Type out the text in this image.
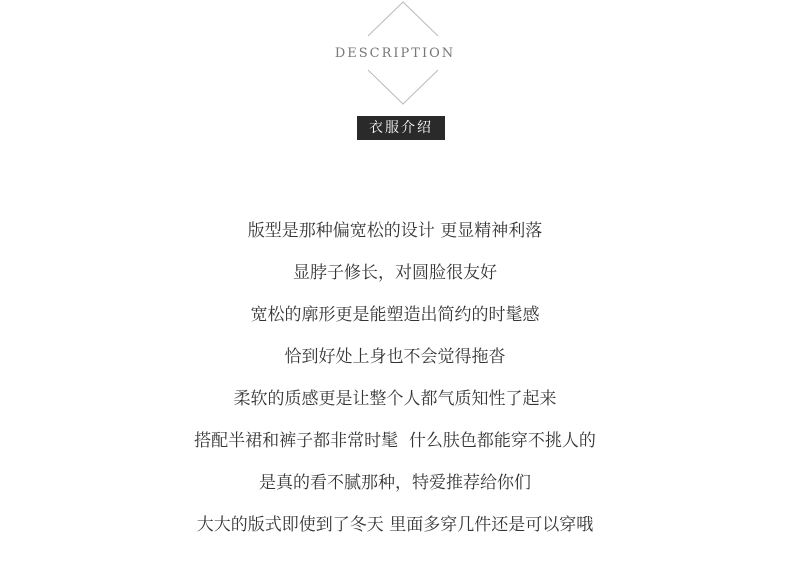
DESCRIPTION
衣服介绍
版型是那种偏宽松的设计 更显精神利落
显脖子修长，对圆脸很友好
宽松的廓形更是能塑造出简约的时髦感
恰到好处上身也不会觉得拖沓
柔软的质感更是让整个人都气质知性了起来
搭配半裙和裤子都非常时髦  什么肤色都能穿不挑人的
是真的看不腻那种，特爱推荐给你们
大大的版式即使到了冬天 里面多穿几件还是可以穿哦
